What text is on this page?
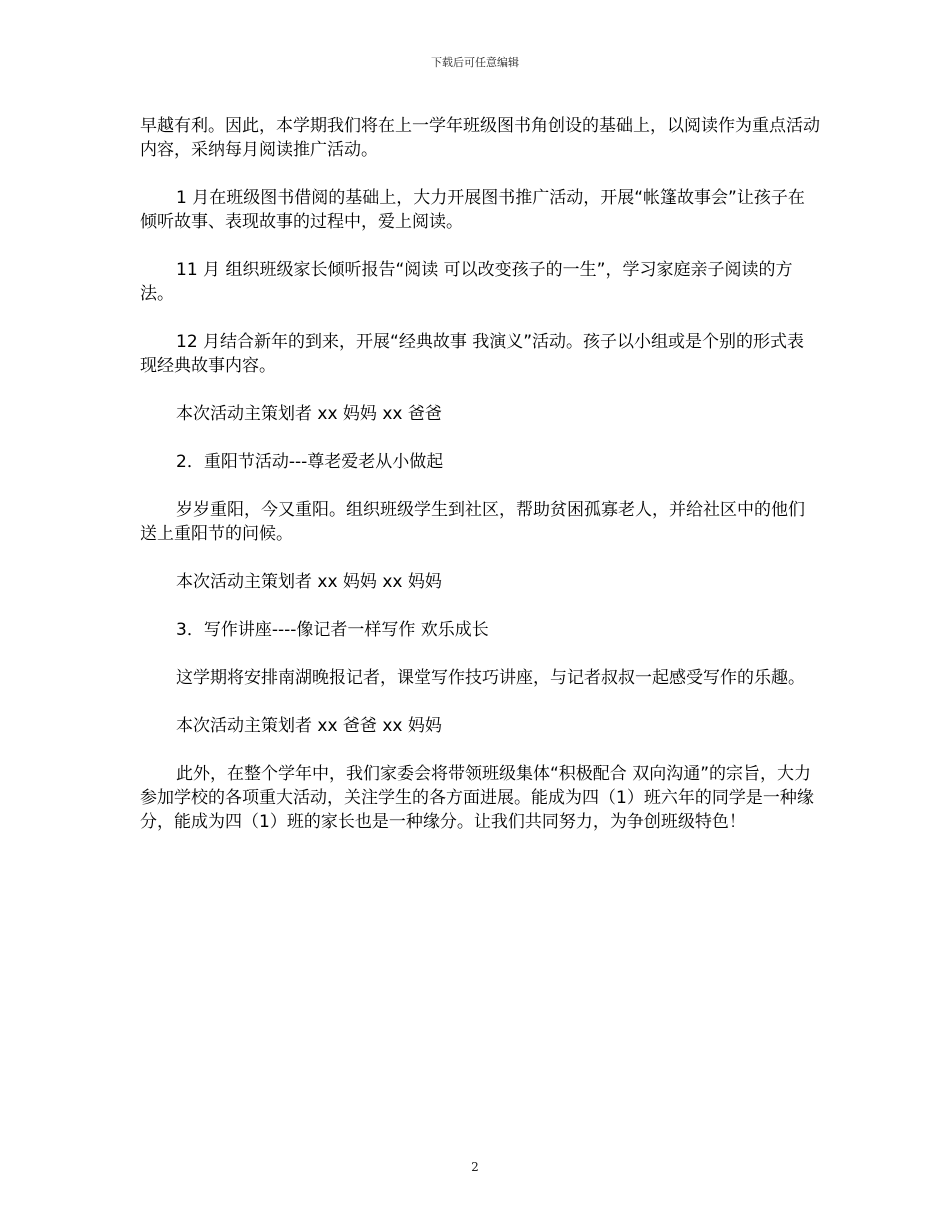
下载后可任意编辑

早越有利。因此，本学期我们将在上一学年班级图书角创设的基础上，以阅读作为重点活动内容，采纳每月阅读推广活动。

1 月在班级图书借阅的基础上，大力开展图书推广活动，开展“帐篷故事会”让孩子在倾听故事、表现故事的过程中，爱上阅读。

11 月 组织班级家长倾听报告“阅读 可以改变孩子的一生”，学习家庭亲子阅读的方法。

12 月结合新年的到来，开展“经典故事 我演义”活动。孩子以小组或是个别的形式表现经典故事内容。

本次活动主策划者 xx 妈妈 xx 爸爸

2．重阳节活动---尊老爱老从小做起

岁岁重阳，今又重阳。组织班级学生到社区，帮助贫困孤寡老人，并给社区中的他们送上重阳节的问候。

本次活动主策划者 xx 妈妈 xx 妈妈

3．写作讲座----像记者一样写作 欢乐成长

这学期将安排南湖晚报记者，课堂写作技巧讲座，与记者叔叔一起感受写作的乐趣。

本次活动主策划者 xx 爸爸 xx 妈妈

此外，在整个学年中，我们家委会将带领班级集体“积极配合 双向沟通”的宗旨，大力参加学校的各项重大活动，关注学生的各方面进展。能成为四（1）班六年的同学是一种缘分，能成为四（1）班的家长也是一种缘分。让我们共同努力，为争创班级特色！

2
